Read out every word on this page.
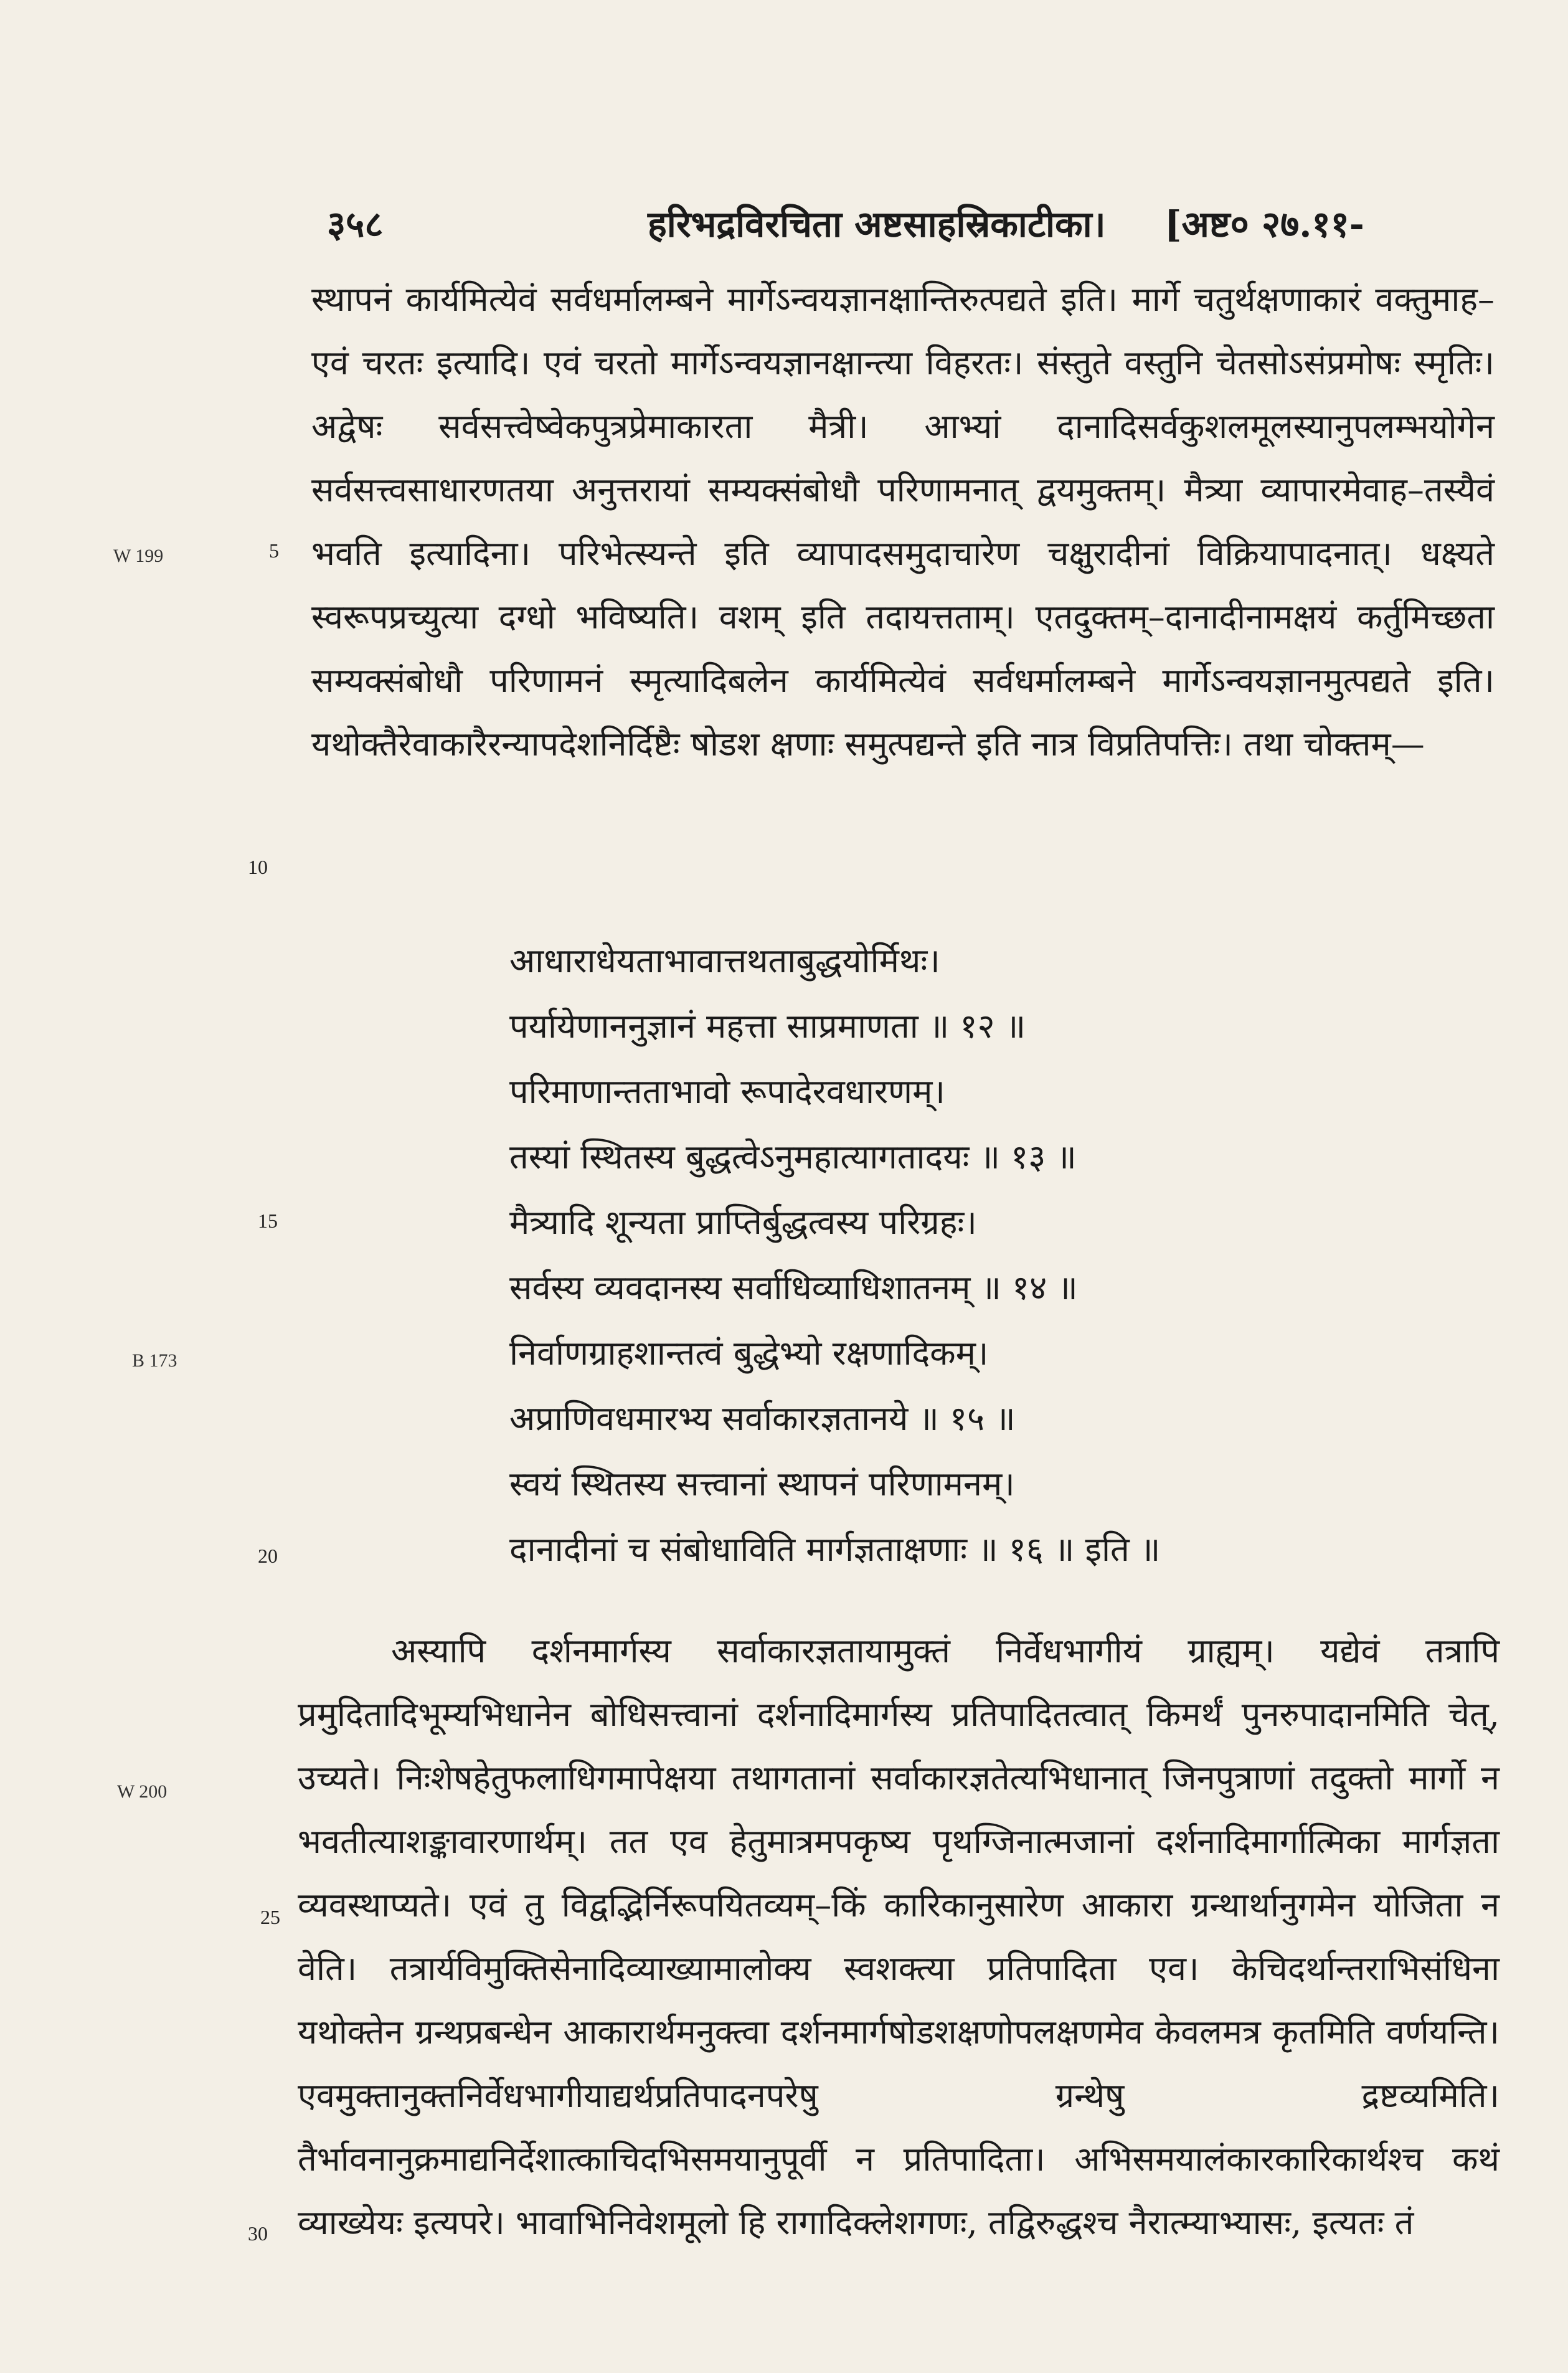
३५८	हरिभद्रविरचिता अष्टसाहस्रिकाटीका। [अष्ट० २७.११-
W 199
B 173
W 200
5
10
15
20
25
30

स्थापनं कार्यमित्येवं सर्वधर्मालम्बने मार्गेऽन्वयज्ञानक्षान्तिरुत्पद्यते इति। मार्गे चतुर्थक्षणाकारं वक्तुमाह–एवं चरतः इत्यादि। एवं चरतो मार्गेऽन्वयज्ञानक्षान्त्या विहरतः। संस्तुते वस्तुनि चेतसोऽसंप्रमोषः स्मृतिः। अद्वेषः सर्वसत्त्वेष्वेकपुत्रप्रेमाकारता मैत्री। आभ्यां दानादिसर्वकुशलमूलस्यानुपलम्भयोगेन सर्वसत्त्वसाधारणतया अनुत्तरायां सम्यक्संबोधौ परिणामनात् द्वयमुक्तम्। मैत्र्या व्यापारमेवाह–तस्यैवं भवति इत्यादिना। परिभेत्स्यन्ते इति व्यापादसमुदाचारेण चक्षुरादीनां विक्रियापादनात्। धक्ष्यते स्वरूपप्रच्युत्या दग्धो भविष्यति। वशम् इति तदायत्तताम्। एतदुक्तम्–दानादीनामक्षयं कर्तुमिच्छता सम्यक्संबोधौ परिणामनं स्मृत्यादिबलेन कार्यमित्येवं सर्वधर्मालम्बने मार्गेऽन्वयज्ञानमुत्पद्यते इति। यथोक्तैरेवाकारैरन्यापदेशनिर्दिष्टैः षोडश क्षणाः समुत्पद्यन्ते इति नात्र विप्रतिपत्तिः। तथा चोक्तम्—

आधाराधेयताभावात्तथताबुद्धयोर्मिथः।
पर्यायेणाननुज्ञानं महत्ता साप्रमाणता ॥ १२ ॥
परिमाणान्तताभावो रूपादेरवधारणम्।
तस्यां स्थितस्य बुद्धत्वेऽनुमहात्यागतादयः ॥ १३ ॥
मैत्र्यादि शून्यता प्राप्तिर्बुद्धत्वस्य परिग्रहः।
सर्वस्य व्यवदानस्य सर्वाधिव्याधिशातनम् ॥ १४ ॥
निर्वाणग्राहशान्तत्वं बुद्धेभ्यो रक्षणादिकम्।
अप्राणिवधमारभ्य सर्वाकारज्ञतानये ॥ १५ ॥
स्वयं स्थितस्य सत्त्वानां स्थापनं परिणामनम्।
दानादीनां च संबोधाविति मार्गज्ञताक्षणाः ॥ १६ ॥ इति ॥

अस्यापि दर्शनमार्गस्य सर्वाकारज्ञतायामुक्तं निर्वेधभागीयं ग्राह्यम्। यद्येवं तत्रापि प्रमुदितादिभूम्यभिधानेन बोधिसत्त्वानां दर्शनादिमार्गस्य प्रतिपादितत्वात् किमर्थं पुनरुपादानमिति चेत्, उच्यते। निःशेषहेतुफलाधिगमापेक्षया तथागतानां सर्वाकारज्ञतेत्यभिधानात् जिनपुत्राणां तदुक्तो मार्गो न भवतीत्याशङ्कावारणार्थम्। तत एव हेतुमात्रमपकृष्य पृथग्जिनात्मजानां दर्शनादिमार्गात्मिका मार्गज्ञता व्यवस्थाप्यते। एवं तु विद्वद्भिर्निरूपयितव्यम्–किं कारिकानुसारेण आकारा ग्रन्थार्थानुगमेन योजिता न वेति। तत्रार्यविमुक्तिसेनादिव्याख्यामालोक्य स्वशक्त्या प्रतिपादिता एव। केचिदर्थान्तराभिसंधिना यथोक्तेन ग्रन्थप्रबन्धेन आकारार्थमनुक्त्वा दर्शनमार्गषोडशक्षणोपलक्षणमेव केवलमत्र कृतमिति वर्णयन्ति। एवमुक्तानुक्तनिर्वेधभागीयाद्यर्थप्रतिपादनपरेषु ग्रन्थेषु द्रष्टव्यमिति। तैर्भावनानुक्रमाद्यनिर्देशात्काचिदभिसमयानुपूर्वी न प्रतिपादिता। अभिसमयालंकारकारिकार्थश्च कथं व्याख्येयः इत्यपरे। भावाभिनिवेशमूलो हि रागादिक्लेशगणः, तद्विरुद्धश्च नैरात्म्याभ्यासः, इत्यतः तं
